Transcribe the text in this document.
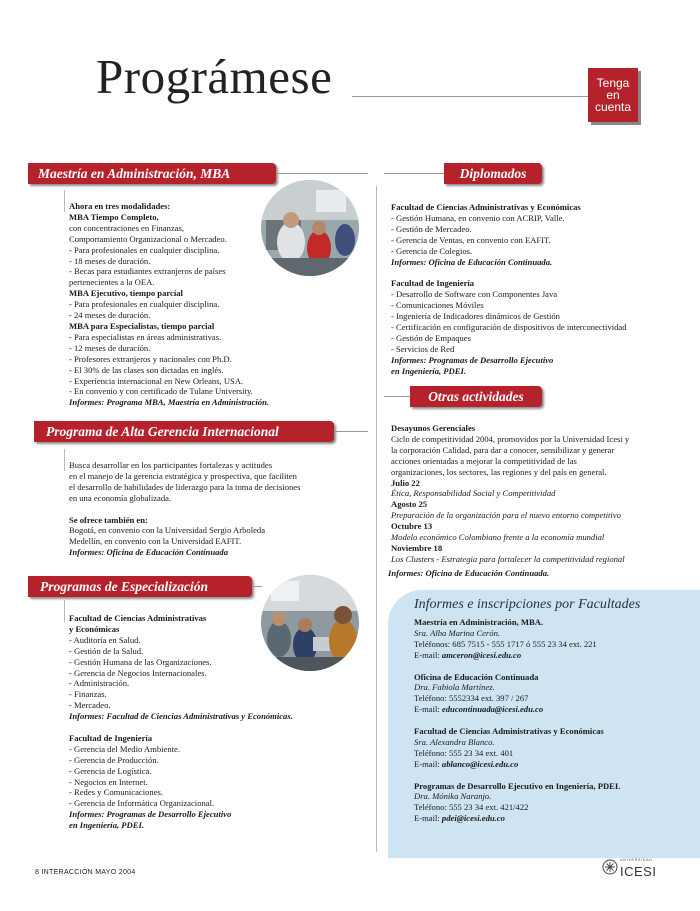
Prográmese	Tenga
en
cuenta
Maestría en Administración, MBA
Ahora en tres modalidades:
MBA Tiempo Completo,
con concentraciones en Finanzas,
Comportamiento Organizacional o Mercadeo.
- Para profesionales en cualquier disciplina.
- 18 meses de duración.
- Becas para estudiantes extranjeros de países
pertenecientes a la OEA.
MBA Ejecutivo, tiempo parcial
- Para profesionales en cualquier disciplina.
- 24 meses de duración.
MBA para Especialistas, tiempo parcial
- Para especialistas en áreas administrativas.
- 12 meses de duración.
- Profesores extranjeros y nacionales con Ph.D.
- El 30% de las clases son dictadas en inglés.
- Experiencia internacional en New Orleans, USA.
- En convenio y con certificado de Tulane University.
Informes: Programa MBA, Maestría en Administración.
Programa de Alta Gerencia Internacional
Busca desarrollar en los participantes fortalezas y actitudes
en el manejo de la gerencia estratégica y prospectiva, que faciliten
el desarrollo de habilidades de liderazgo para la toma de decisiones
en una economía globalizada.
Se ofrece también en:
Bogotá, en convenio con la Universidad Sergio Arboleda
Medellín, en convenio con la Universidad EAFIT.
Informes: Oficina de Educación Continuada
Programas de Especialización
Facultad de Ciencias Administrativas
y Económicas
- Auditoría en Salud.
- Gestión de la Salud.
- Gestión Humana de las Organizaciones.
- Gerencia de Negocios Internacionales.
- Administración.
- Finanzas.
- Mercadeo.
Informes: Facultad de Ciencias Administrativas y Económicas.
Facultad de Ingeniería
- Gerencia del Medio Ambiente.
- Gerencia de Producción.
- Gerencia de Logística.
- Negocios en Internet.
- Redes y Comunicaciones.
- Gerencia de Informática Organizacional.
Informes: Programas de Desarrollo Ejecutivo
en Ingeniería, PDEI.
Diplomados
Facultad de Ciencias Administrativas y Económicas
- Gestión Humana, en convenio con ACRIP, Valle.
- Gestión de Mercadeo.
- Gerencia de Ventas, en convenio con EAFIT.
- Gerencia de Colegios.
Informes: Oficina de Educación Continuada.
Facultad de Ingeniería
- Desarrollo de Software con Componentes Java
- Comunicaciones Móviles
- Ingeniería de Indicadores dinámicos de Gestión
- Certificación en configuración de dispositivos de interconectividad
- Gestión de Empaques
- Servicios de Red
Informes: Programas de Desarrollo Ejecutivo
en Ingeniería, PDEI.
Otras actividades
Desayunos Gerenciales
Ciclo de competitividad 2004, promovidos por la Universidad Icesi y
la corporación Calidad, para dar a conocer, sensibilizar y generar
acciones orientadas a mejorar la competitividad de las
organizaciones, los sectores, las regiones y del país en general.
Julio 22
Ética, Responsabilidad Social y Competitividad
Agosto 25
Preparación de la organización para el nuevo entorno competitivo
Octubre 13
Modelo económico Colombiano frente a la economía mundial
Noviembre 18
Los Clusters - Estrategia para fortalecer la competitividad regional
Informes: Oficina de Educación Continuada.
Informes e inscripciones por Facultades
Maestría en Administración, MBA.
Sra. Alba Marina Cerón.
Teléfonos: 685 7515 - 555 1717 ó 555 23 34 ext. 221
E-mail: amceron@icesi.edu.co
Oficina de Educación Continuada
Dra. Fabiola Martínez.
Teléfono: 5552334 ext. 397 / 267
E-mail: educontinuada@icesi.edu.co
Facultad de Ciencias Administrativas y Económicas
Sra. Alexandra Blanco.
Teléfono: 555 23 34 ext. 401
E-mail: ablanco@icesi.edu.co
Programas de Desarrollo Ejecutivo en Ingeniería, PDEI.
Dra. Mónika Naranjo.
Teléfono: 555 23 34 ext. 421/422
E-mail: pdei@icesi.edu.co
8 INTERACCIÓN MAYO 2004
UNIVERSIDAD
ICESI
